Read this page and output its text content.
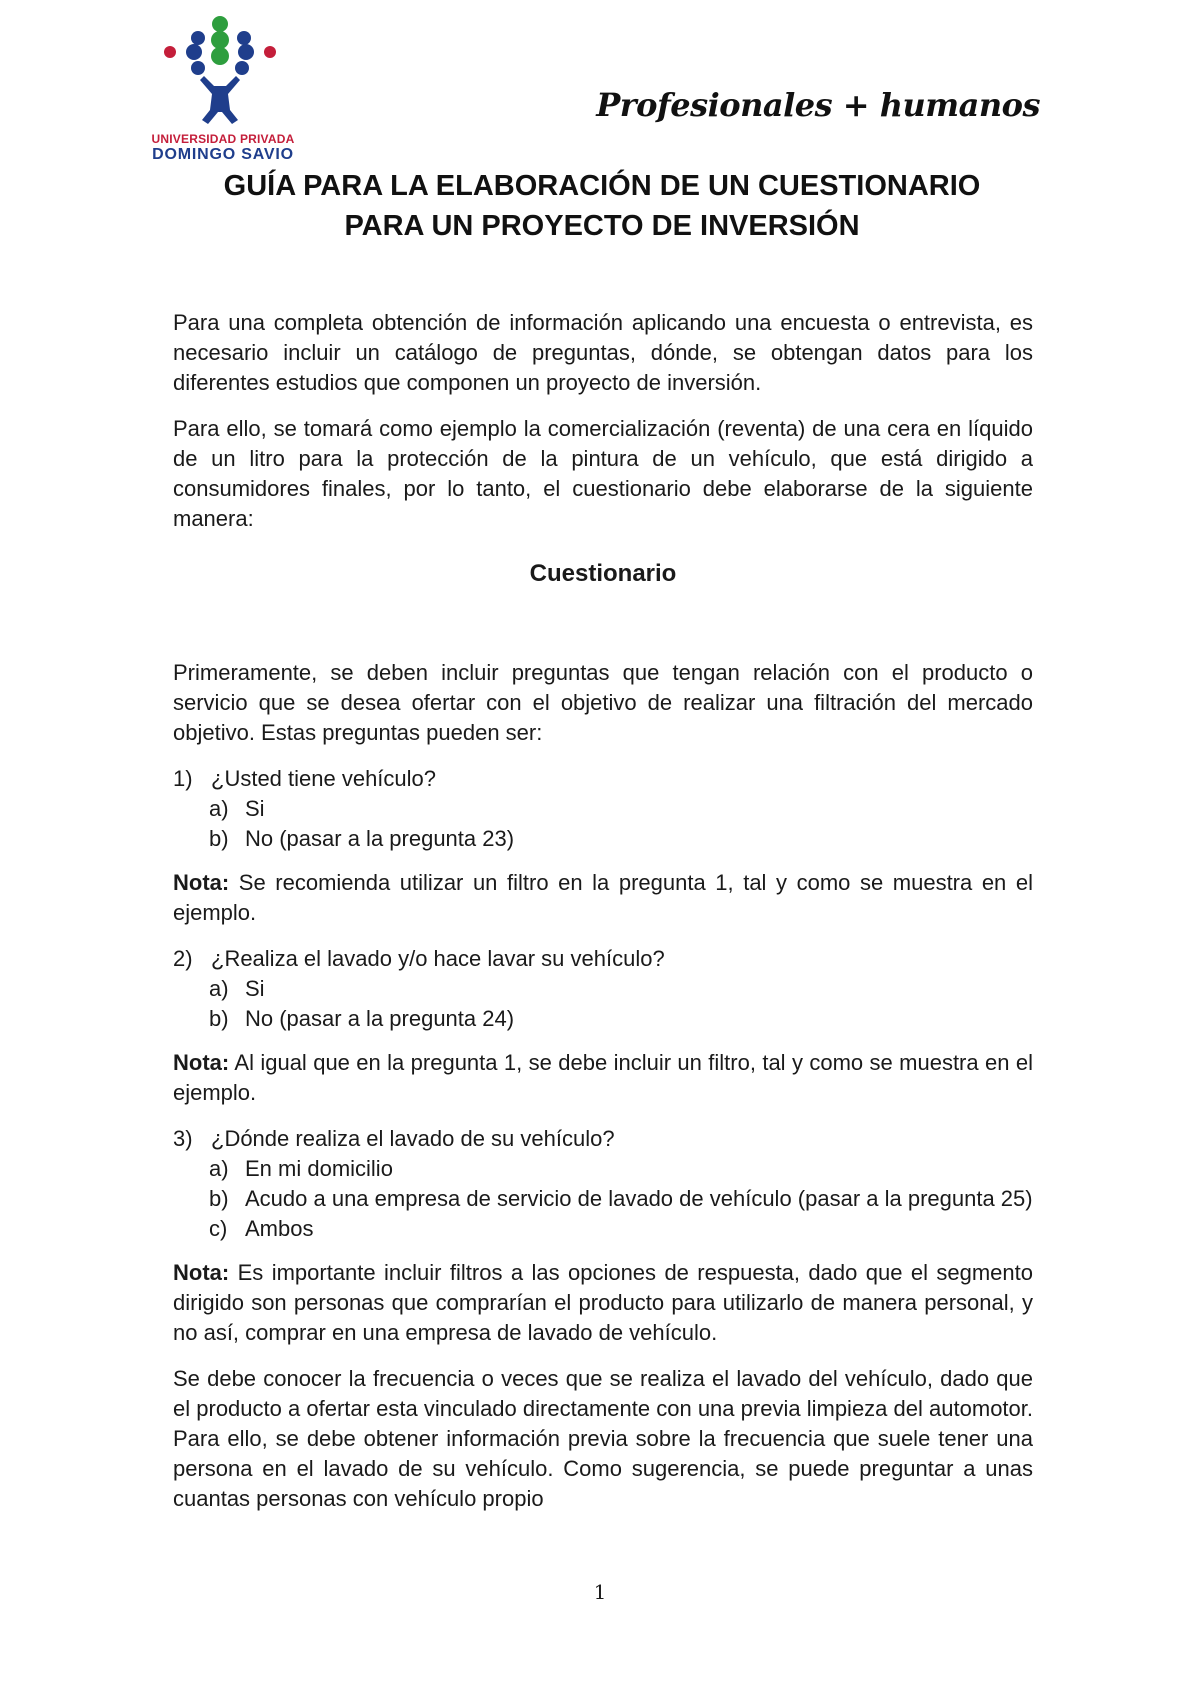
UNIVERSIDAD PRIVADA
DOMINGO SAVIO
Profesionales + humanos
GUÍA PARA LA ELABORACIÓN DE UN CUESTIONARIO
PARA UN PROYECTO DE INVERSIÓN

Para una completa obtención de información aplicando una encuesta o entrevista, es necesario incluir un catálogo de preguntas, dónde, se obtengan datos para los diferentes estudios que componen un proyecto de inversión.

Para ello, se tomará como ejemplo la comercialización (reventa) de una cera en líquido de un litro para la protección de la pintura de un vehículo, que está dirigido a consumidores finales, por lo tanto, el cuestionario debe elaborarse de la siguiente manera:

Cuestionario

Primeramente, se deben incluir preguntas que tengan relación con el producto o servicio que se desea ofertar con el objetivo de realizar una filtración del mercado objetivo. Estas preguntas pueden ser:

1) ¿Usted tiene vehículo?
a) Si
b) No (pasar a la pregunta 23)

Nota: Se recomienda utilizar un filtro en la pregunta 1, tal y como se muestra en el ejemplo.

2) ¿Realiza el lavado y/o hace lavar su vehículo?
a) Si
b) No (pasar a la pregunta 24)

Nota: Al igual que en la pregunta 1, se debe incluir un filtro, tal y como se muestra en el ejemplo.

3) ¿Dónde realiza el lavado de su vehículo?
a) En mi domicilio
b) Acudo a una empresa de servicio de lavado de vehículo (pasar a la pregunta 25)
c) Ambos

Nota: Es importante incluir filtros a las opciones de respuesta, dado que el segmento dirigido son personas que comprarían el producto para utilizarlo de manera personal, y no así, comprar en una empresa de lavado de vehículo.

Se debe conocer la frecuencia o veces que se realiza el lavado del vehículo, dado que el producto a ofertar esta vinculado directamente con una previa limpieza del automotor. Para ello, se debe obtener información previa sobre la frecuencia que suele tener una persona en el lavado de su vehículo. Como sugerencia, se puede preguntar a unas cuantas personas con vehículo propio

1
